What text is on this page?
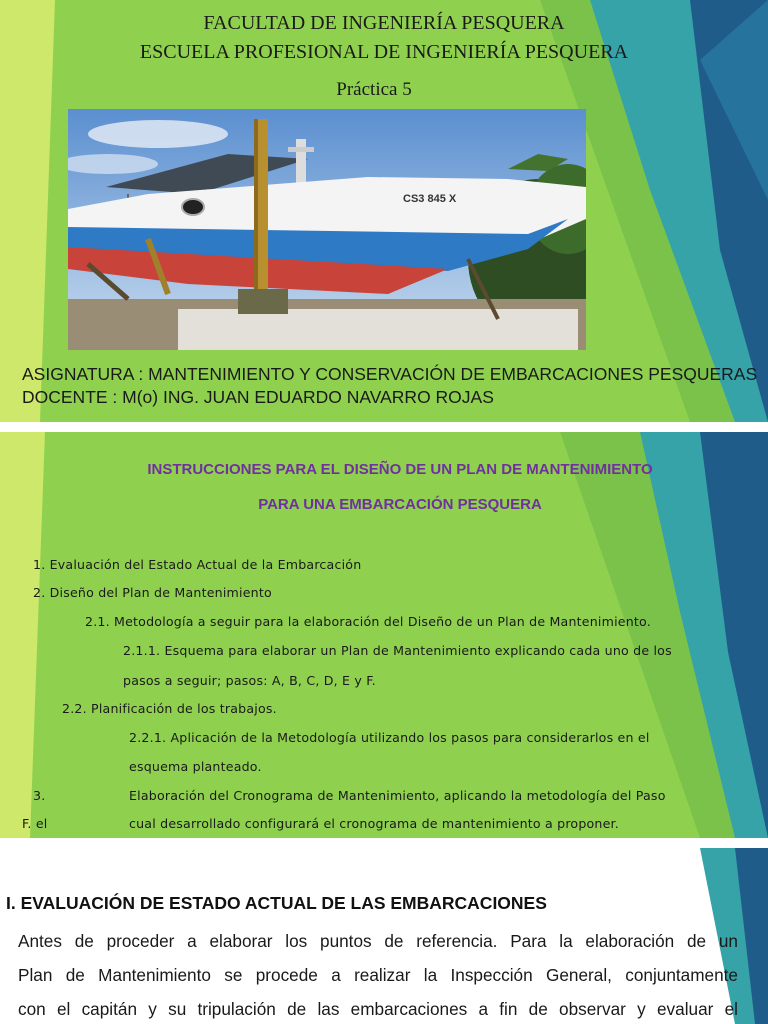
FACULTAD DE INGENIERÍA PESQUERA
ESCUELA PROFESIONAL DE INGENIERÍA PESQUERA
Práctica 5
CS3 845 X
ASIGNATURA : MANTENIMIENTO Y CONSERVACIÓN DE EMBARCACIONES PESQUERAS
DOCENTE : M(o) ING. JUAN EDUARDO NAVARRO ROJAS
INSTRUCCIONES PARA EL DISEÑO DE UN PLAN DE MANTENIMIENTO
PARA UNA EMBARCACIÓN PESQUERA
1. Evaluación del Estado Actual de la Embarcación
2. Diseño del Plan de Mantenimiento
2.1. Metodología a seguir para la elaboración del Diseño de un Plan de Mantenimiento.
2.1.1. Esquema para elaborar un Plan de Mantenimiento explicando cada uno de los
pasos a seguir; pasos: A, B, C, D, E y F.
2.2. Planificación de los trabajos.
2.2.1. Aplicación de la Metodología utilizando los pasos para considerarlos en el
esquema planteado.
3.	Elaboración del Cronograma de Mantenimiento, aplicando la metodología del Paso
F. el	cual desarrollado configurará el cronograma de mantenimiento a proponer.
I. EVALUACIÓN DE ESTADO ACTUAL DE LAS EMBARCACIONES
Antes de proceder a elaborar los puntos de referencia. Para la elaboración de un
Plan de Mantenimiento se procede a realizar la Inspección General, conjuntamente
con el capitán y su tripulación de las embarcaciones a fin de observar y evaluar el
